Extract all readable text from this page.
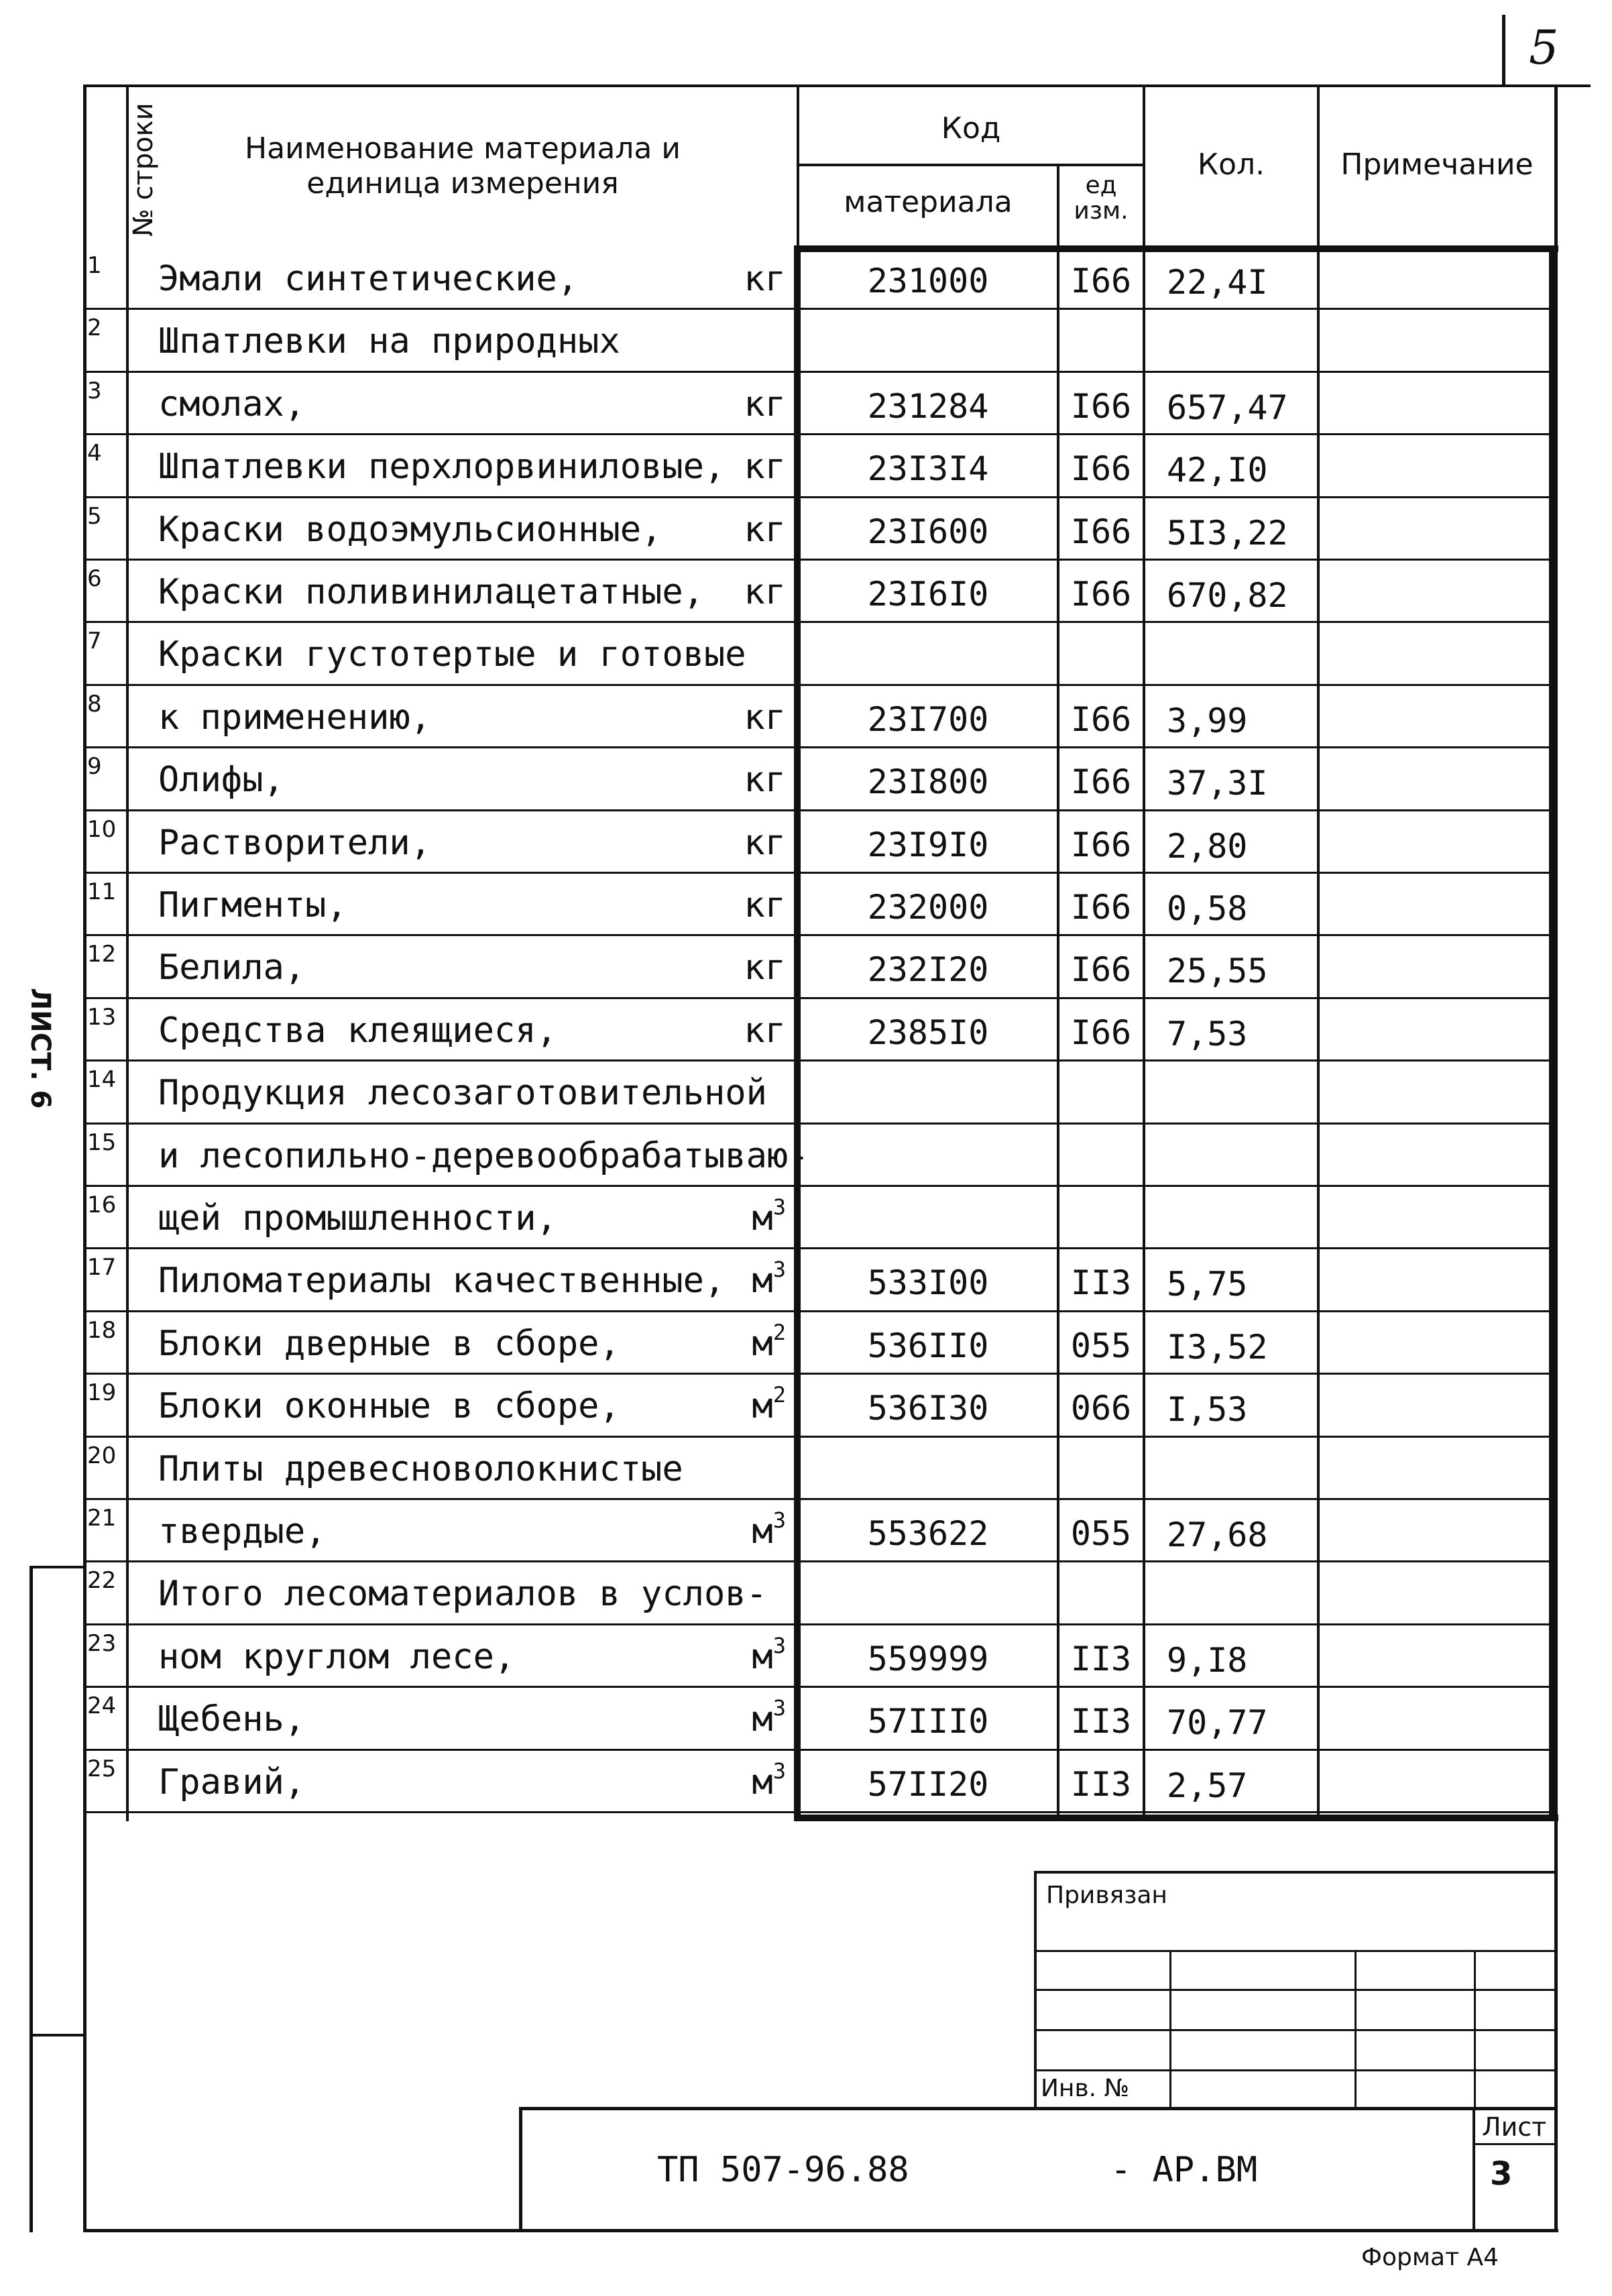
5
ЛИСТ. 6
№ строки	Наименование материала и единица измерения
Код
материала	ед изм.
Кол.	Примечание
1 Эмали синтетические,	кг	231000	I66	22,4I
2 Шпатлевки на природных
3 смолах,	кг	231284	I66	657,47
4 Шпатлевки перхлорвиниловые, кг	23I3I4	I66	42,I0
5 Краски водоэмульсионные,	кг	23I600	I66	5I3,22
6 Краски поливинилацетатные,	кг	23I6I0	I66	670,82
7 Краски густотертые и готовые
8 к применению,	кг	23I700	I66	3,99
9 Олифы,	кг	23I800	I66	37,3I
10 Растворители,	кг	23I9I0	I66	2,80
11 Пигменты,	кг	232000	I66	0,58
12 Белила,	кг	232I20	I66	25,55
13 Средства клеящиеся,	кг	2385I0	I66	7,53
14 Продукция лесозаготовительной
15 и лесопильно-деревообрабатываю-
16 щей промышленности,	$м^3$
17 Пиломатериалы качественные, $м^3$	533I00	II3	5,75
18 Блоки дверные в сборе,	$м^2$	536II0	055	I3,52
19 Блоки оконные в сборе,	$м^2$	536I30	066	I,53
20 Плиты древесноволокнистые
21 твердые,	$м^3$	553622	055	27,68
22 Итого лесоматериалов в услов-
23 ном круглом лесе,	$м^3$	559999	II3	9,I8
24 Щебень,	$м^3$	57III0	II3	70,77
25 Гравий,	$м^3$	57II20	II3	2,57
Привязан
Инв. №
ТП 507-96.88	- АР.ВМ
Лист
3
Формат А4
